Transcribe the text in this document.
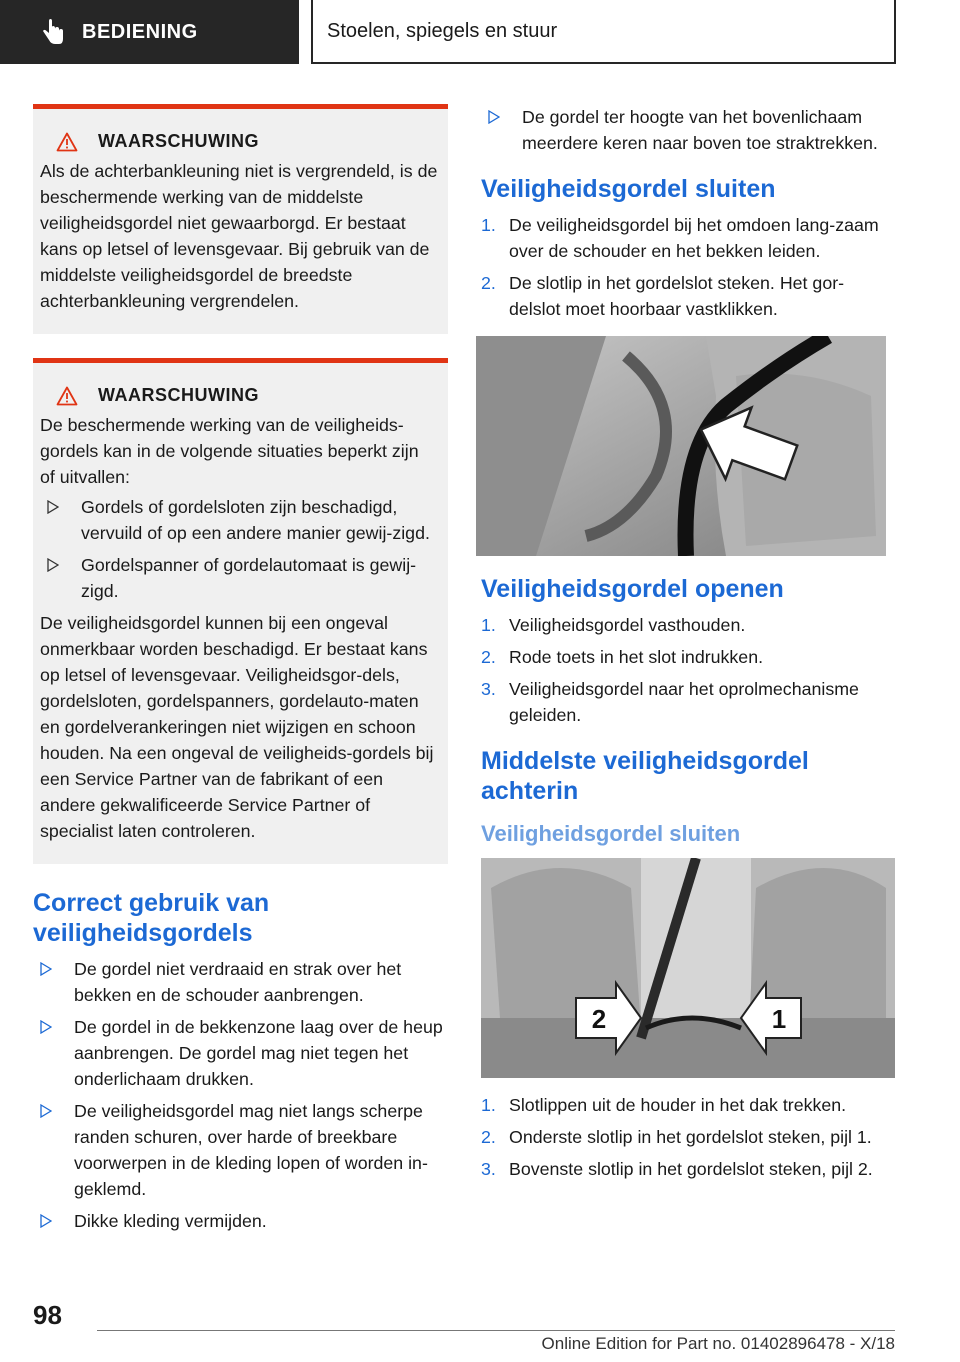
BEDIENING	Stoelen, spiegels en stuur
WAARSCHUWING

Als de achterbankleuning niet is vergrendeld, is de beschermende werking van de middelste veiligheidsgordel niet gewaarborgd. Er bestaat kans op letsel of levensgevaar. Bij gebruik van de middelste veiligheidsgordel de breedste achterbankleuning vergrendelen.

WAARSCHUWING

De beschermende werking van de veiligheids-gordels kan in de volgende situaties beperkt zijn of uitvallen:

Gordels of gordelsloten zijn beschadigd, vervuild of op een andere manier gewij-zigd.
Gordelspanner of gordelautomaat is gewij-zigd.

De veiligheidsgordel kunnen bij een ongeval onmerkbaar worden beschadigd. Er bestaat kans op letsel of levensgevaar. Veiligheidsgor-dels, gordelsloten, gordelspanners, gordelauto-maten en gordelverankeringen niet wijzigen en schoon houden. Na een ongeval de veiligheids-gordels bij een Service Partner van de fabrikant of een andere gekwalificeerde Service Partner of specialist laten controleren.

Correct gebruik van veiligheidsgordels
De gordel niet verdraaid en strak over het bekken en de schouder aanbrengen.
De gordel in de bekkenzone laag over de heup aanbrengen. De gordel mag niet tegen het onderlichaam drukken.
De veiligheidsgordel mag niet langs scherpe randen schuren, over harde of breekbare voorwerpen in de kleding lopen of worden in-geklemd.
Dikke kleding vermijden.
De gordel ter hoogte van het bovenlichaam meerdere keren naar boven toe straktrekken.
Veiligheidsgordel sluiten
1. De veiligheidsgordel bij het omdoen lang-zaam over de schouder en het bekken leiden.
2. De slotlip in het gordelslot steken. Het gor-delslot moet hoorbaar vastklikken.
Veiligheidsgordel openen
1. Veiligheidsgordel vasthouden.
2. Rode toets in het slot indrukken.
3. Veiligheidsgordel naar het oprolmechanisme geleiden.
Middelste veiligheidsgordel achterin
Veiligheidsgordel sluiten
2	1
1. Slotlippen uit de houder in het dak trekken.
2. Onderste slotlip in het gordelslot steken, pijl 1.
3. Bovenste slotlip in het gordelslot steken, pijl 2.
98
Online Edition for Part no. 01402896478 - X/18
